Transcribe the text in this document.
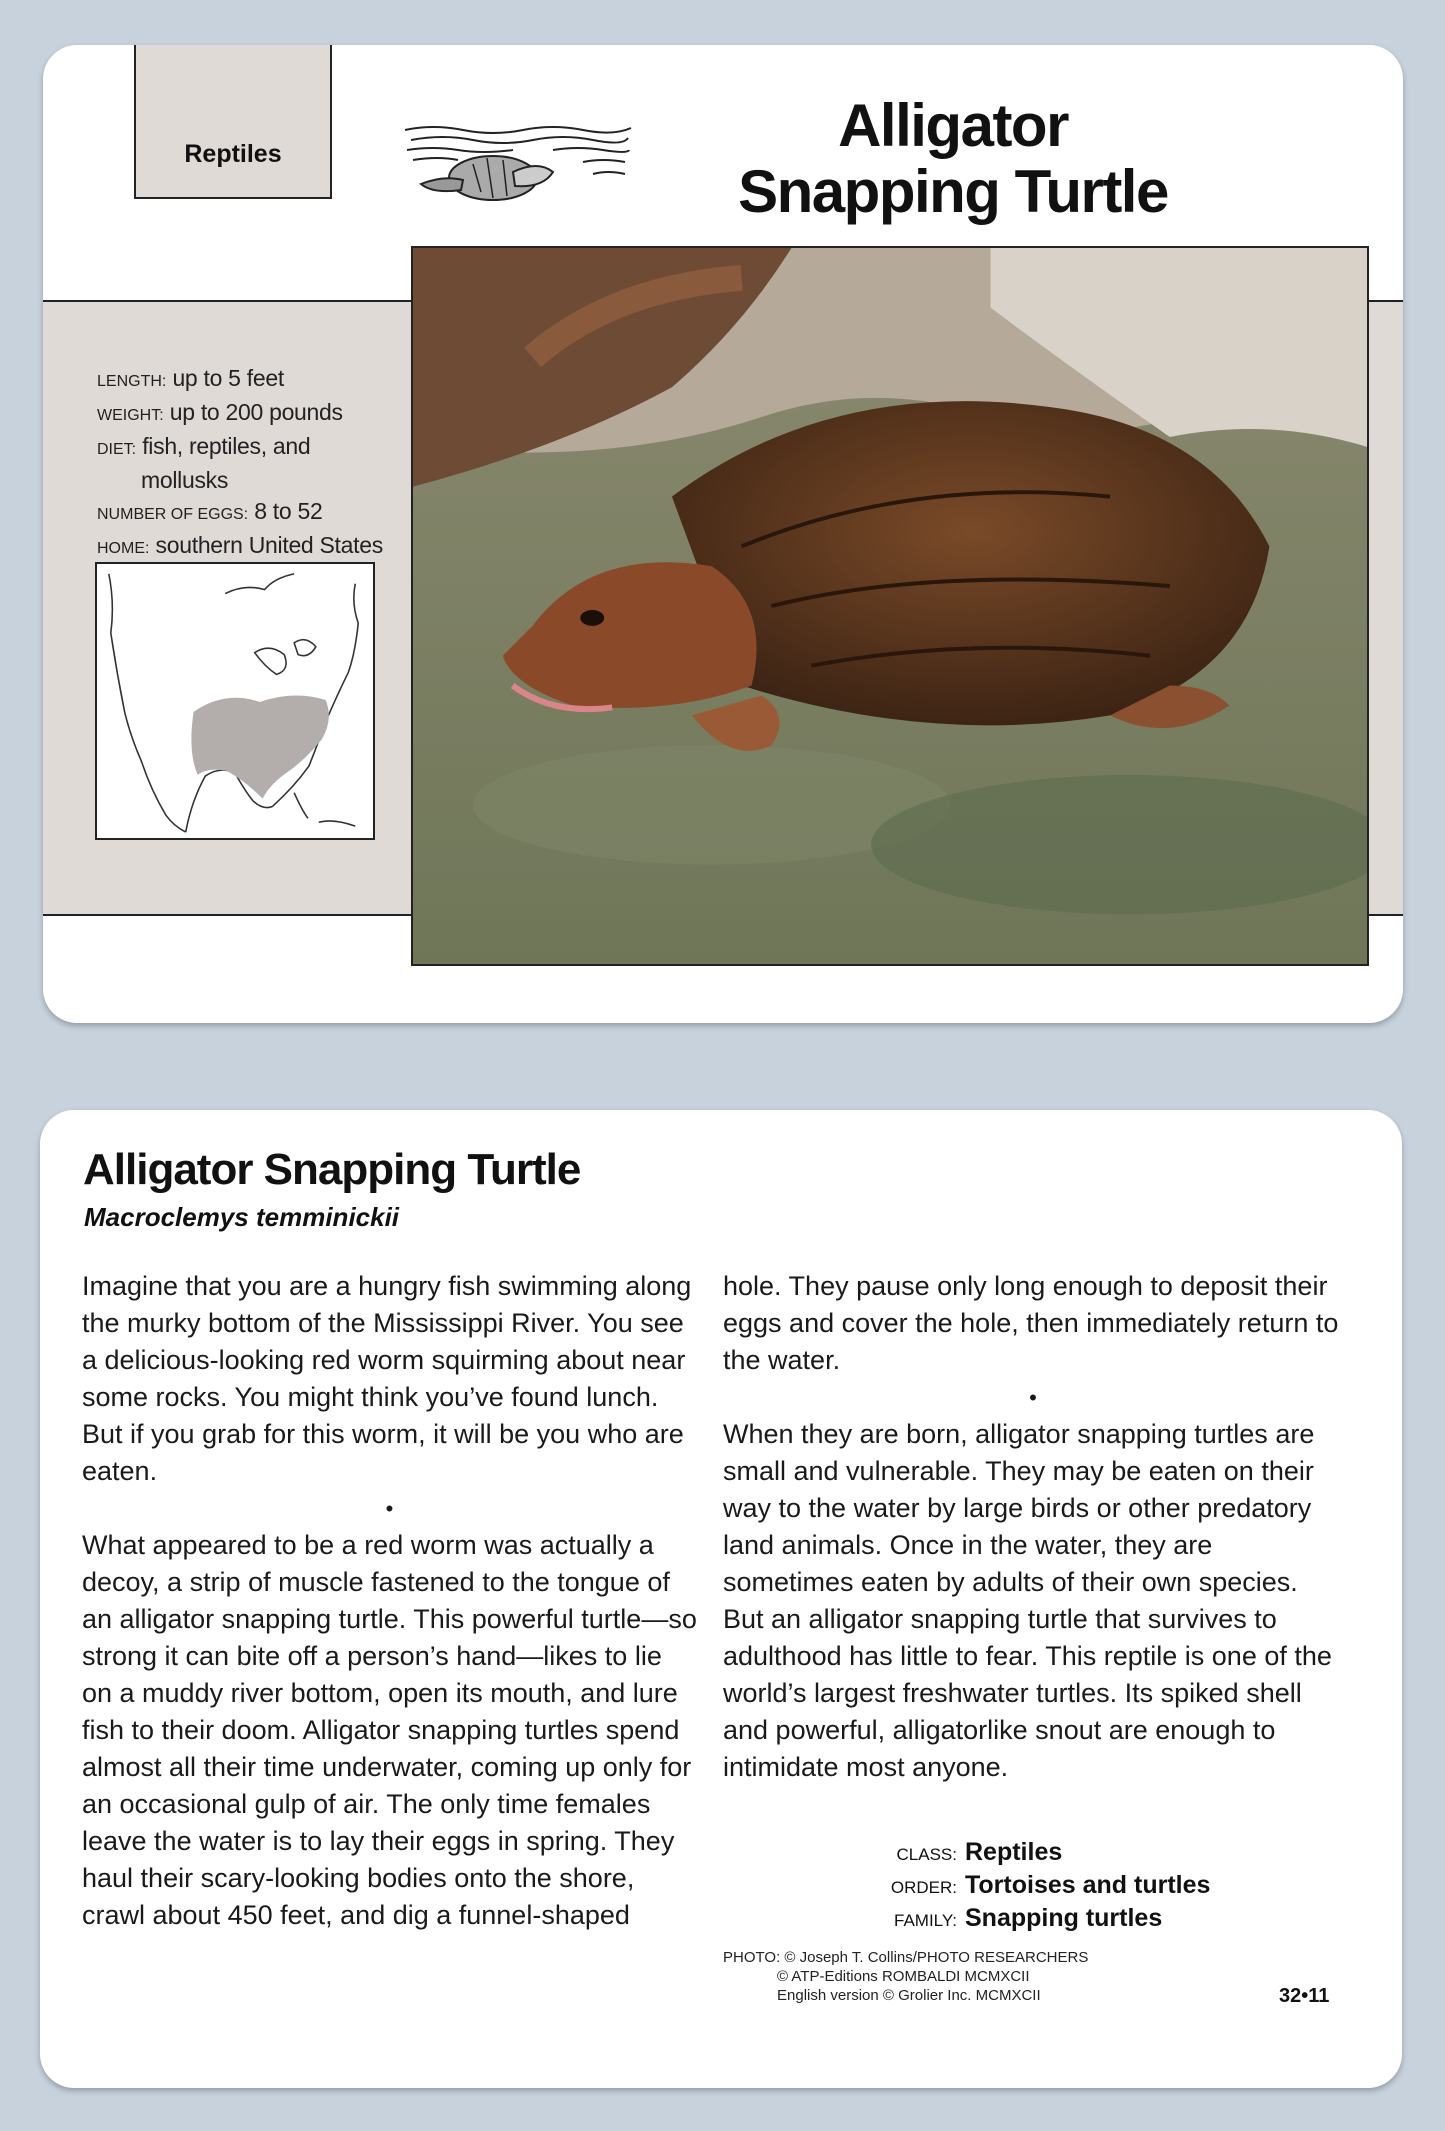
Reptiles	Alligator
Snapping Turtle
LENGTH: up to 5 feet
WEIGHT: up to 200 pounds
DIET: fish, reptiles, and
mollusks
NUMBER OF EGGS: 8 to 52
HOME: southern United States
Alligator Snapping Turtle
Macroclemys temminickii

Imagine that you are a hungry fish swimming along the murky bottom of the Mississippi River. You see a delicious-looking red worm squirming about near some rocks. You might think you’ve found lunch. But if you grab for this worm, it will be you who are eaten.

•

What appeared to be a red worm was actually a decoy, a strip of muscle fastened to the tongue of an alligator snapping turtle. This powerful turtle—so strong it can bite off a person’s hand—likes to lie on a muddy river bottom, open its mouth, and lure fish to their doom. Alligator snapping turtles spend almost all their time underwater, coming up only for an occasional gulp of air. The only time females leave the water is to lay their eggs in spring. They haul their scary-looking bodies onto the shore, crawl about 450 feet, and dig a funnel-shaped

hole. They pause only long enough to deposit their eggs and cover the hole, then immediately return to the water.

•

When they are born, alligator snapping turtles are small and vulnerable. They may be eaten on their way to the water by large birds or other predatory land animals. Once in the water, they are sometimes eaten by adults of their own species. But an alligator snapping turtle that survives to adulthood has little to fear. This reptile is one of the world’s largest freshwater turtles. Its spiked shell and powerful, alligatorlike snout are enough to intimidate most anyone.

CLASS: Reptiles
ORDER: Tortoises and turtles
FAMILY: Snapping turtles
PHOTO: © Joseph T. Collins/PHOTO RESEARCHERS
© ATP-Editions ROMBALDI MCMXCII
English version © Grolier Inc. MCMXCII	32•11
